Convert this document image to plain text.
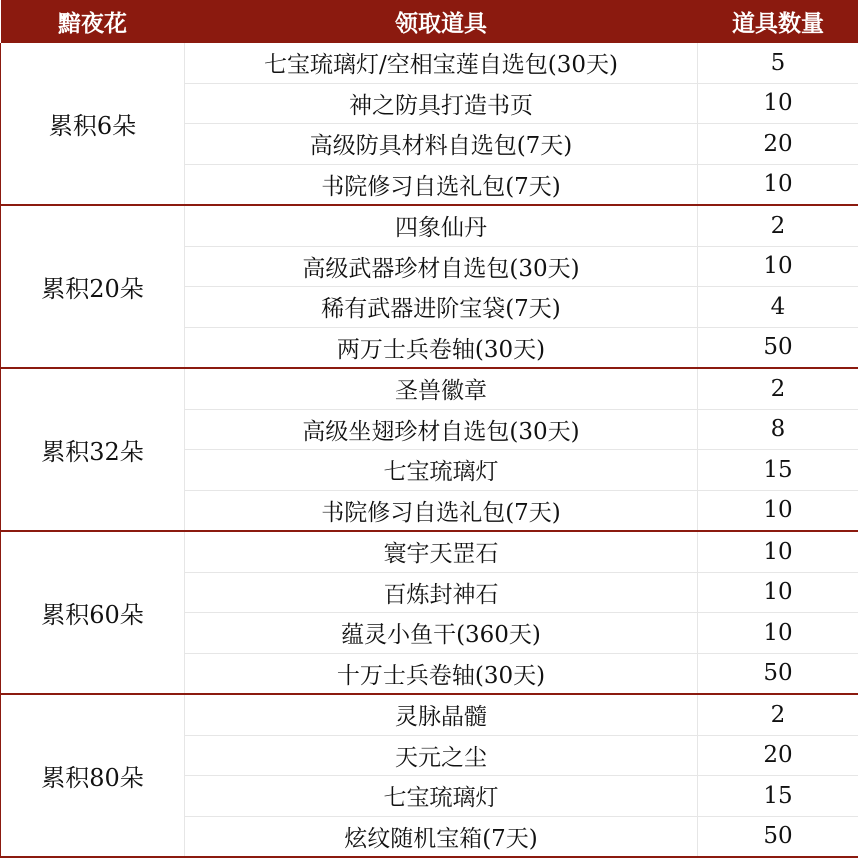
黯夜花	领取道具	道具数量
累积6朵	七宝琉璃灯/空相宝莲自选包(30天)	5
	神之防具打造书页	10
	高级防具材料自选包(7天)	20
	书院修习自选礼包(7天)	10
累积20朵	四象仙丹	2
	高级武器珍材自选包(30天)	10
	稀有武器进阶宝袋(7天)	4
	两万士兵卷轴(30天)	50
累积32朵	圣兽徽章	2
	高级坐翅珍材自选包(30天)	8
	七宝琉璃灯	15
	书院修习自选礼包(7天)	10
累积60朵	寰宇天罡石	10
	百炼封神石	10
	蕴灵小鱼干(360天)	10
	十万士兵卷轴(30天)	50
累积80朵	灵脉晶髓	2
	天元之尘	20
	七宝琉璃灯	15
	炫纹随机宝箱(7天)	50
